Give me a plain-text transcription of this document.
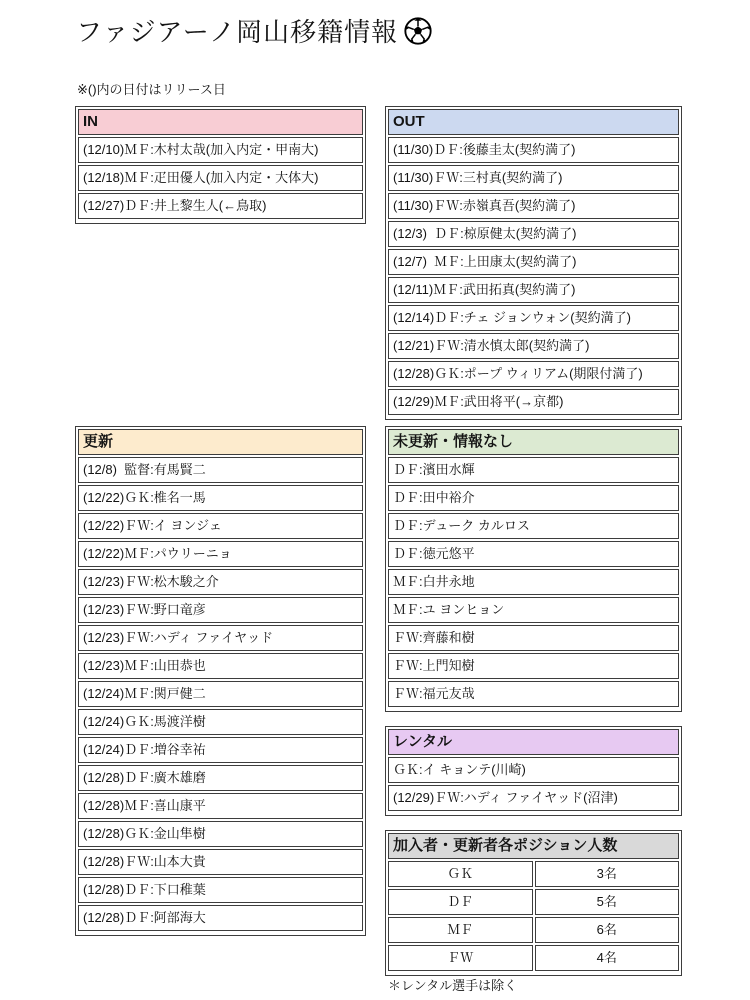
ファジアーノ岡山移籍情報
※()内の日付はリリース日
IN
(12/10)ＭＦ:木村太哉(加入内定・甲南大)
(12/18)ＭＦ:疋田優人(加入内定・大体大)
(12/27)ＤＦ:井上黎生人(←鳥取)
OUT
(11/30)ＤＦ:後藤圭太(契約満了)
(11/30)ＦＷ:三村真(契約満了)
(11/30)ＦＷ:赤嶺真吾(契約満了)
(12/3)  ＤＦ:椋原健太(契約満了)
(12/7)  ＭＦ:上田康太(契約満了)
(12/11)ＭＦ:武田拓真(契約満了)
(12/14)ＤＦ:チェ ジョンウォン(契約満了)
(12/21)ＦＷ:清水慎太郎(契約満了)
(12/28)ＧＫ:ポープ ウィリアム(期限付満了)
(12/29)ＭＦ:武田将平(→京都)
更新
(12/8)  監督:有馬賢二
(12/22)ＧＫ:椎名一馬
(12/22)ＦＷ:イ ヨンジェ
(12/22)ＭＦ:パウリーニョ
(12/23)ＦＷ:松木駿之介
(12/23)ＦＷ:野口竜彦
(12/23)ＦＷ:ハディ ファイヤッド
(12/23)ＭＦ:山田恭也
(12/24)ＭＦ:関戸健二
(12/24)ＧＫ:馬渡洋樹
(12/24)ＤＦ:増谷幸祐
(12/28)ＤＦ:廣木雄磨
(12/28)ＭＦ:喜山康平
(12/28)ＧＫ:金山隼樹
(12/28)ＦＷ:山本大貴
(12/28)ＤＦ:下口稚葉
(12/28)ＤＦ:阿部海大
未更新・情報なし
ＤＦ:濱田水輝
ＤＦ:田中裕介
ＤＦ:デューク カルロス
ＤＦ:徳元悠平
ＭＦ:白井永地
ＭＦ:ユ ヨンヒョン
ＦＷ:齊藤和樹
ＦＷ:上門知樹
ＦＷ:福元友哉
レンタル
ＧＫ:イ キョンテ(川崎)
(12/29)ＦＷ:ハディ ファイヤッド(沼津)
加入者・更新者各ポジション人数
ＧＫ	3名
ＤＦ	5名
ＭＦ	6名
ＦＷ	4名
＊レンタル選手は除く
